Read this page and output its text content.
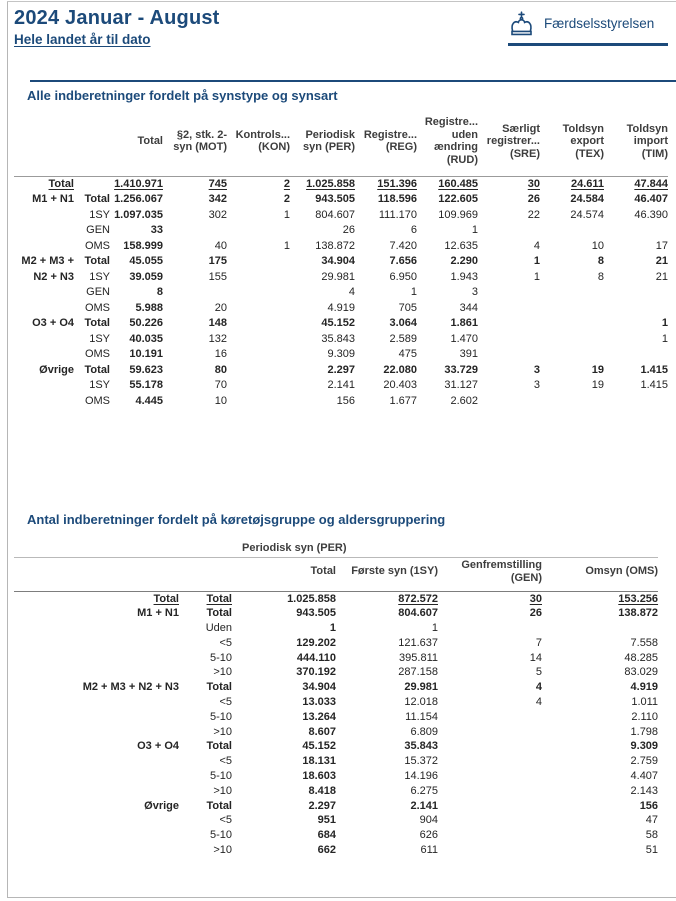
2024 Januar - August
Hele landet år til dato
Færdselsstyrelsen
Alle indberetninger fordelt på synstype og synsart
		Total	§2, stk. 2-syn (MOT)	Kontrols... (KON)	Periodisk syn (PER)	Registre... (REG)	Registre... uden ændring (RUD)	Særligt registrer... (SRE)	Toldsyn export (TEX)	Toldsyn import (TIM)

Total		1.410.971	745	2	1.025.858	151.396	160.485	30	24.611	47.844

M1 + N1	Total	1.256.067	342	2	943.505	118.596	122.605	26	24.584	46.407
	1SY	1.097.035	302	1	804.607	111.170	109.969	22	24.574	46.390
	GEN	33			26	6	1			
	OMS	158.999	40	1	138.872	7.420	12.635	4	10	17

M2 + M3 + N2 + N3	Total	45.055	175		34.904	7.656	2.290	1	8	21
	1SY	39.059	155		29.981	6.950	1.943	1	8	21
	GEN	8			4	1	3			
	OMS	5.988	20		4.919	705	344			

O3 + O4	Total	50.226	148		45.152	3.064	1.861			1
	1SY	40.035	132		35.843	2.589	1.470			1
	OMS	10.191	16		9.309	475	391			

Øvrige	Total	59.623	80		2.297	22.080	33.729	3	19	1.415
	1SY	55.178	70		2.141	20.403	31.127	3	19	1.415
	OMS	4.445	10		156	1.677	2.602			
Antal indberetninger fordelt på køretøjsgruppe og aldersgruppering
		Periodisk syn (PER)			
		Total	Første syn (1SY)	Genfremstilling (GEN)	Omsyn (OMS)

Total	Total	1.025.858	872.572	30	153.256

M1 + N1	Total	943.505	804.607	26	138.872
	Uden	1	1		
	<5	129.202	121.637	7	7.558
	5-10	444.110	395.811	14	48.285
	>10	370.192	287.158	5	83.029

M2 + M3 + N2 + N3	Total	34.904	29.981	4	4.919
	<5	13.033	12.018	4	1.011
	5-10	13.264	11.154		2.110
	>10	8.607	6.809		1.798

O3 + O4	Total	45.152	35.843		9.309
	<5	18.131	15.372		2.759
	5-10	18.603	14.196		4.407
	>10	8.418	6.275		2.143

Øvrige	Total	2.297	2.141		156
	<5	951	904		47
	5-10	684	626		58
	>10	662	611		51
